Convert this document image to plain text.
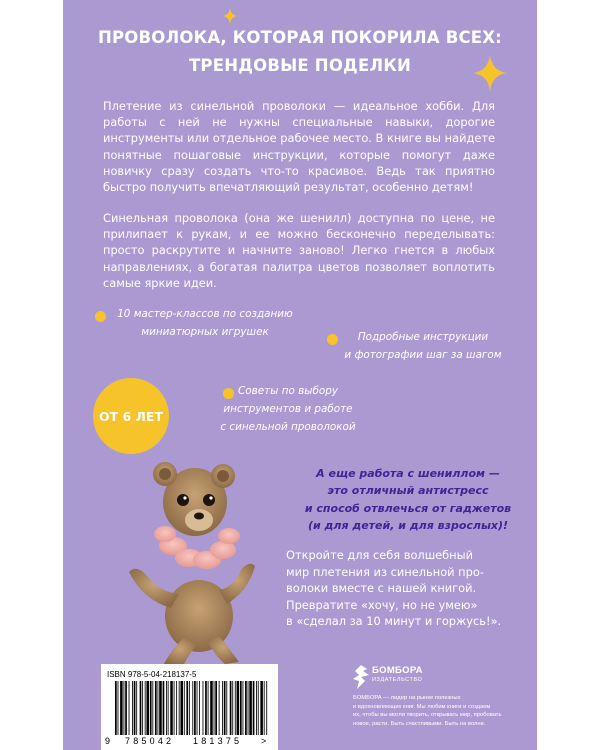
ПРОВОЛОКА, КОТОРАЯ ПОКОРИЛА ВСЕХ:
ТРЕНДОВЫЕ ПОДЕЛКИ

Плетение из синельной проволоки — идеальное хобби. Для работы с ней не нужны специальные навыки, дорогие инструменты или отдельное рабочее место. В книге вы найдете понятные пошаговые инструкции, которые помогут даже новичку сразу создать что-то красивое. Ведь так приятно быстро получить впечатляющий результат, особенно детям!

Синельная проволока (она же шенилл) доступна по цене, не прилипает к рукам, и ее можно бесконечно переделывать: просто раскрутите и начните заново! Легко гнется в любых направлениях, а богатая палитра цветов позволяет воплотить самые яркие идеи.

10 мастер-классов по созданию
миниатюрных игрушек	Подробные инструкции
и фотографии шаг за шагом
ОТ 6 ЛЕТ
Советы по выбору
инструментов и работе
с синельной проволокой
А еще работа с шениллом —
это отличный антистресс
и способ отвлечься от гаджетов
(и для детей, и для взрослых)!

Откройте для себя волшебный
мир плетения из синельной про-
волоки вместе с нашей книгой.
Превратите «хочу, но не умею»
в «сделал за 10 минут и горжусь!».

БОМБОРА
ИЗДАТЕЛЬСТВО
БОМБОРА — лидер на рынке полезных
и вдохновляющих книг. Мы любим книги и создаем
их, чтобы вы могли творить, открывать мир, пробовать
новое, расти. Быть счастливыми. Быть на волне.
ISBN 978-5-04-218137-5
9 785042 181375 >
